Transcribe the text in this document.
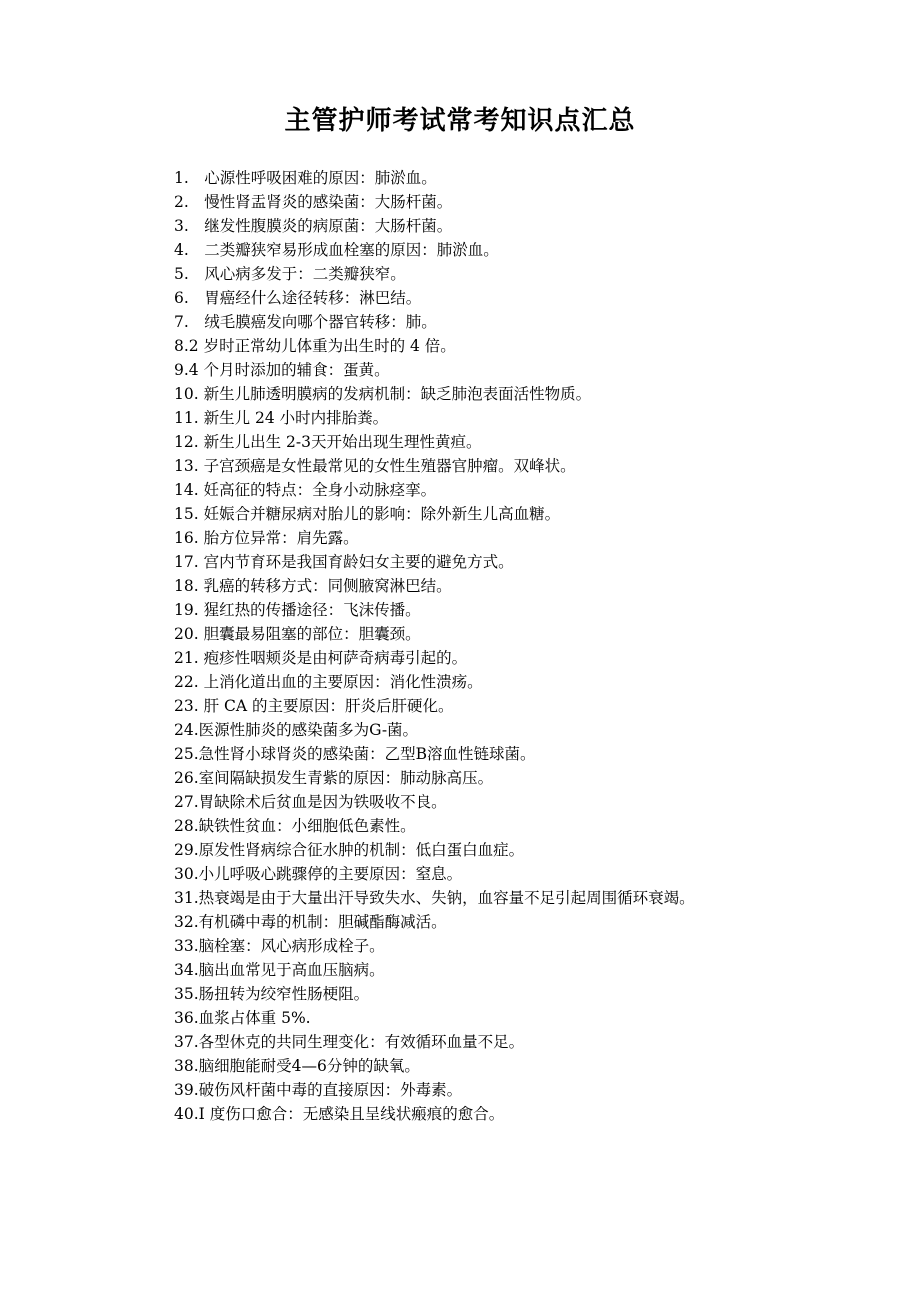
主管护师考试常考知识点汇总
1.　心源性呼吸困难的原因：肺淤血。
2.　慢性肾盂肾炎的感染菌：大肠杆菌。
3.　继发性腹膜炎的病原菌：大肠杆菌。
4.　二类瓣狭窄易形成血栓塞的原因：肺淤血。
5.　风心病多发于：二类瓣狭窄。
6.　胃癌经什么途径转移：淋巴结。
7.　绒毛膜癌发向哪个器官转移：肺。
8.2 岁时正常幼儿体重为出生时的 4 倍。
9.4 个月时添加的辅食：蛋黄。
10. 新生儿肺透明膜病的发病机制：缺乏肺泡表面活性物质。
11. 新生儿 24 小时内排胎粪。
12. 新生儿出生 2-3天开始出现生理性黄疸。
13. 子宫颈癌是女性最常见的女性生殖器官肿瘤。双峰状。
14. 妊高征的特点：全身小动脉痉挛。
15. 妊娠合并糖尿病对胎儿的影响：除外新生儿高血糖。
16. 胎方位异常：肩先露。
17. 宫内节育环是我国育龄妇女主要的避免方式。
18. 乳癌的转移方式：同侧腋窝淋巴结。
19. 猩红热的传播途径：飞沫传播。
20. 胆囊最易阻塞的部位：胆囊颈。
21. 疱疹性咽颊炎是由柯萨奇病毒引起的。
22. 上消化道出血的主要原因：消化性溃疡。
23. 肝 CA 的主要原因：肝炎后肝硬化。
24.医源性肺炎的感染菌多为G-菌。
25.急性肾小球肾炎的感染菌：乙型B溶血性链球菌。
26.室间隔缺损发生青紫的原因：肺动脉高压。
27.胃缺除术后贫血是因为铁吸收不良。
28.缺铁性贫血：小细胞低色素性。
29.原发性肾病综合征水肿的机制：低白蛋白血症。
30.小儿呼吸心跳骤停的主要原因：窒息。
31.热衰竭是由于大量出汗导致失水、失钠，血容量不足引起周围循环衰竭。
32.有机磷中毒的机制：胆碱酯酶减活。
33.脑栓塞：风心病形成栓子。
34.脑出血常见于高血压脑病。
35.肠扭转为绞窄性肠梗阻。
36.血浆占体重 5%.
37.各型休克的共同生理变化：有效循环血量不足。
38.脑细胞能耐受4—6分钟的缺氧。
39.破伤风杆菌中毒的直接原因：外毒素。
40.I 度伤口愈合：无感染且呈线状瘢痕的愈合。
